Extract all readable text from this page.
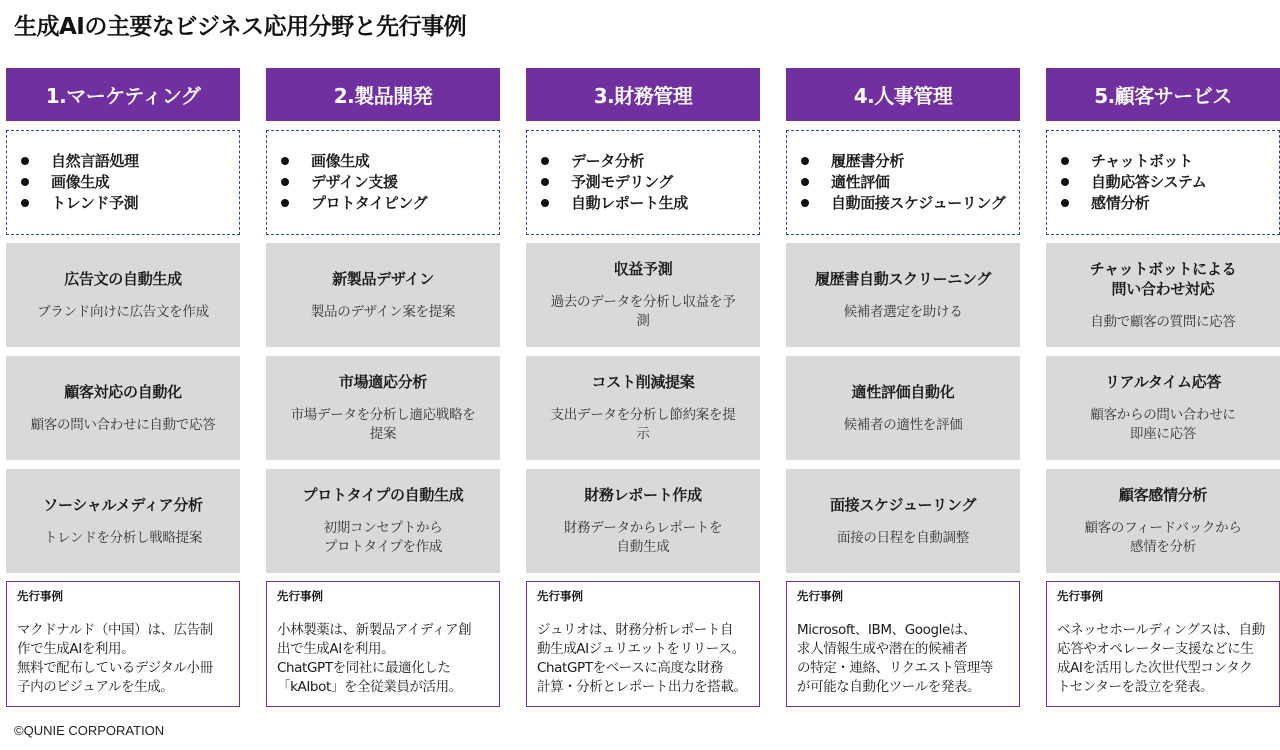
生成AIの主要なビジネス応用分野と先行事例
1.マーケティング
自然言語処理
画像生成
トレンド予測
広告文の自動生成
ブランド向けに広告文を作成
顧客対応の自動化
顧客の問い合わせに自動で応答
ソーシャルメディア分析
トレンドを分析し戦略提案
先行事例
マクドナルド（中国）は、広告制
作で生成AIを利用。
無料で配布しているデジタル小冊
子内のビジュアルを生成。
2.製品開発
画像生成
デザイン支援
プロトタイピング
新製品デザイン
製品のデザイン案を提案
市場適応分析
市場データを分析し適応戦略を
提案
プロトタイプの自動生成
初期コンセプトから
プロトタイプを作成
先行事例
小林製薬は、新製品アイディア創
出で生成AIを利用。
ChatGPTを同社に最適化した
「kAIbot」を全従業員が活用。
3.財務管理
データ分析
予測モデリング
自動レポート生成
収益予測
過去のデータを分析し収益を予
測
コスト削減提案
支出データを分析し節約案を提
示
財務レポート作成
財務データからレポートを
自動生成
先行事例
ジュリオは、財務分析レポート自
動生成AIジュリエットをリリース。
ChatGPTをベースに高度な財務
計算・分析とレポート出力を搭載。
4.人事管理
履歴書分析
適性評価
自動面接スケジューリング
履歴書自動スクリーニング
候補者選定を助ける
適性評価自動化
候補者の適性を評価
面接スケジューリング
面接の日程を自動調整
先行事例
Microsoft、IBM、Googleは、
求人情報生成や潜在的候補者
の特定・連絡、リクエスト管理等
が可能な自動化ツールを発表。
5.顧客サービス
チャットボット
自動応答システム
感情分析
チャットボットによる
問い合わせ対応
自動で顧客の質問に応答
リアルタイム応答
顧客からの問い合わせに
即座に応答
顧客感情分析
顧客のフィードバックから
感情を分析
先行事例
ベネッセホールディングスは、自動
応答やオペレーター支援などに生
成AIを活用した次世代型コンタク
トセンターを設立を発表。
©QUNIE CORPORATION
